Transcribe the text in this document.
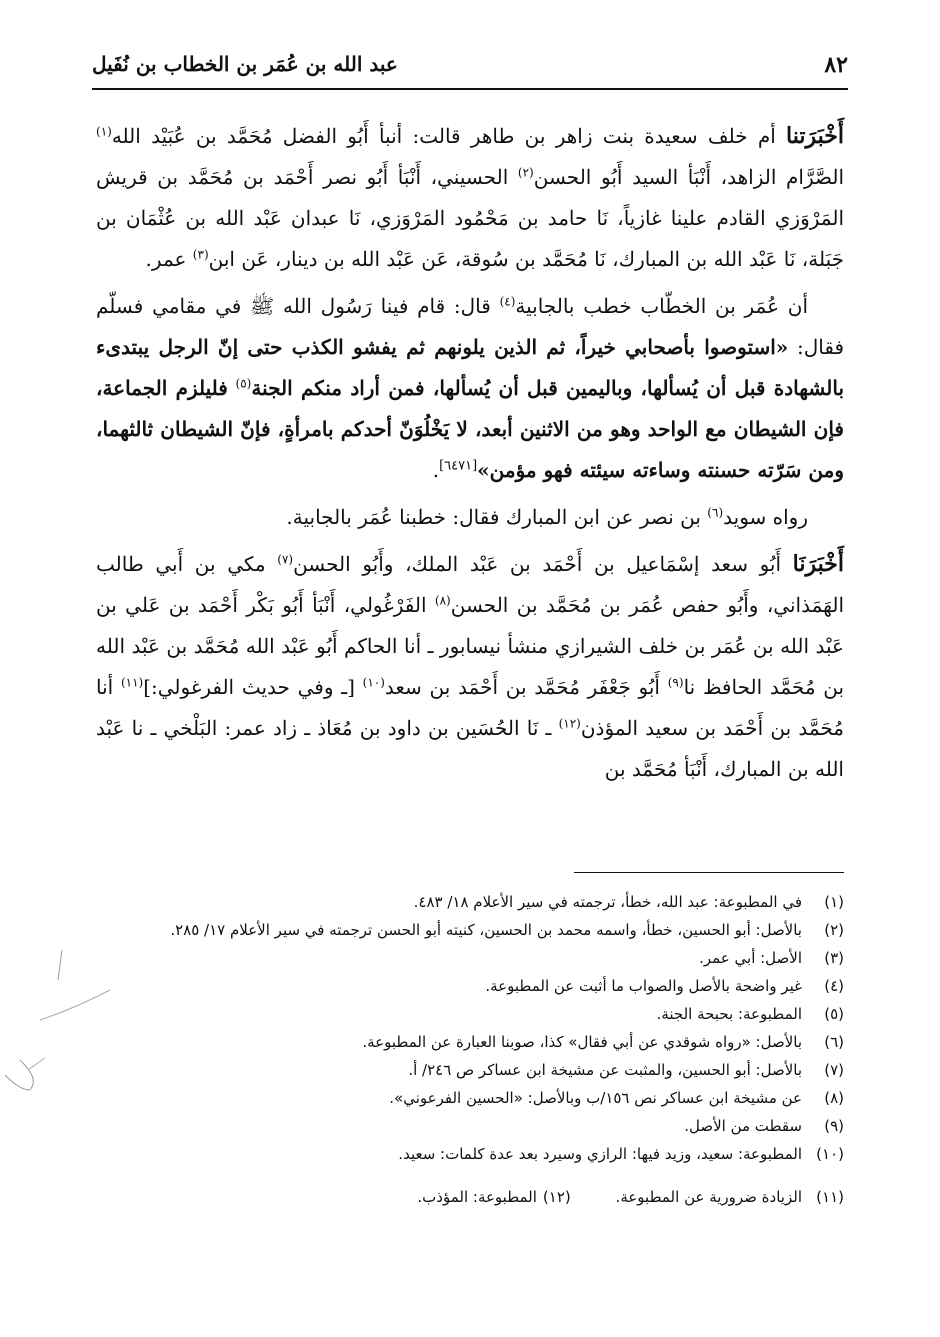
٨٢
عبد الله بن عُمَر بن الخطاب بن نُفَيل

أَخْبَرَتنا أم خلف سعيدة بنت زاهر بن طاهر قالت: أنبأ أَبُو الفضل مُحَمَّد بن عُبَيْد الله$^{(١)}$ الصَّرَّام الزاهد، أَنْبَأ السيد أَبُو الحسن$^{(٢)}$ الحسيني، أَنْبَأ أَبُو نصر أَحْمَد بن مُحَمَّد بن قريش المَرْوَزي القادم علينا غازياً، نَا حامد بن مَحْمُود المَرْوَزي، نَا عبدان عَبْد الله بن عُثْمَان بن جَبَلة، نَا عَبْد الله بن المبارك، نَا مُحَمَّد بن سُوقة، عَن عَبْد الله بن دينار، عَن ابن$^{(٣)}$ عمر.

أن عُمَر بن الخطّاب خطب بالجابية$^{(٤)}$ قال: قام فينا رَسُول الله ﷺ في مقامي فسلّم فقال: «استوصوا بأصحابي خيراً، ثم الذين يلونهم ثم يفشو الكذب حتى إنّ الرجل يبتدىء بالشهادة قبل أن يُسألها، وباليمين قبل أن يُسألها، فمن أراد منكم الجنة$^{(٥)}$ فليلزم الجماعة، فإن الشيطان مع الواحد وهو من الاثنين أبعد، لا يَخْلُوَنّ أحدكم بامرأةٍ، فإنّ الشيطان ثالثهما، ومن سَرّته حسنته وساءته سيئته فهو مؤمن»[٦٤٧١].

رواه سويد$^{(٦)}$ بن نصر عن ابن المبارك فقال: خطبنا عُمَر بالجابية.

أَخْبَرَنَا أَبُو سعد إسْمَاعيل بن أَحْمَد بن عَبْد الملك، وأَبُو الحسن$^{(٧)}$ مكي بن أَبي طالب الهَمَذاني، وأَبُو حفص عُمَر بن مُحَمَّد بن الحسن$^{(٨)}$ الفَرْغُولي، أَنْبَأ أَبُو بَكْر أَحْمَد بن عَلي بن عَبْد الله بن عُمَر بن خلف الشيرازي منشأ نيسابور ـ أنا الحاكم أَبُو عَبْد الله مُحَمَّد بن عَبْد الله بن مُحَمَّد الحافظ نا$^{(٩)}$ أَبُو جَعْفَر مُحَمَّد بن أَحْمَد بن سعد$^{(١٠)}$ [ـ وفي حديث الفرغولي:]$^{(١١)}$ أنا مُحَمَّد بن أَحْمَد بن سعيد المؤذن$^{(١٢)}$ ـ نَا الحُسَين بن داود بن مُعَاذ ـ زاد عمر: البَلْخي ـ نا عَبْد الله بن المبارك، أَنْبَأ مُحَمَّد بن

(١)
في المطبوعة: عبد الله، خطأ، ترجمته في سير الأعلام ١٨/ ٤٨٣.

(٢)
بالأصل: أبو الحسين، خطأ، واسمه محمد بن الحسين، كنيته أبو الحسن ترجمته في سير الأعلام ١٧/ ٢٨٥.

(٣)
الأصل: أبي عمر.

(٤)
غير واضحة بالأصل والصواب ما أثبت عن المطبوعة.

(٥)
المطبوعة: بحبحة الجنة.

(٦)
بالأصل: «رواه شوقدي عن أبي فقال» كذا، صوبنا العبارة عن المطبوعة.

(٧)
بالأصل: أبو الحسين، والمثبت عن مشيخة ابن عساكر ص ٢٤٦/ أ.

(٨)
عن مشيخة ابن عساكر نص ١٥٦/ب وبالأصل: «الحسين الفرعوني».

(٩)
سقطت من الأصل.

(١٠)
المطبوعة: سعيد، وزيد فيها: الرازي وسيرد بعد عدة كلمات: سعيد.

(١١)
الزيادة ضرورية عن المطبوعة. (١٢)المطبوعة: المؤذب.
